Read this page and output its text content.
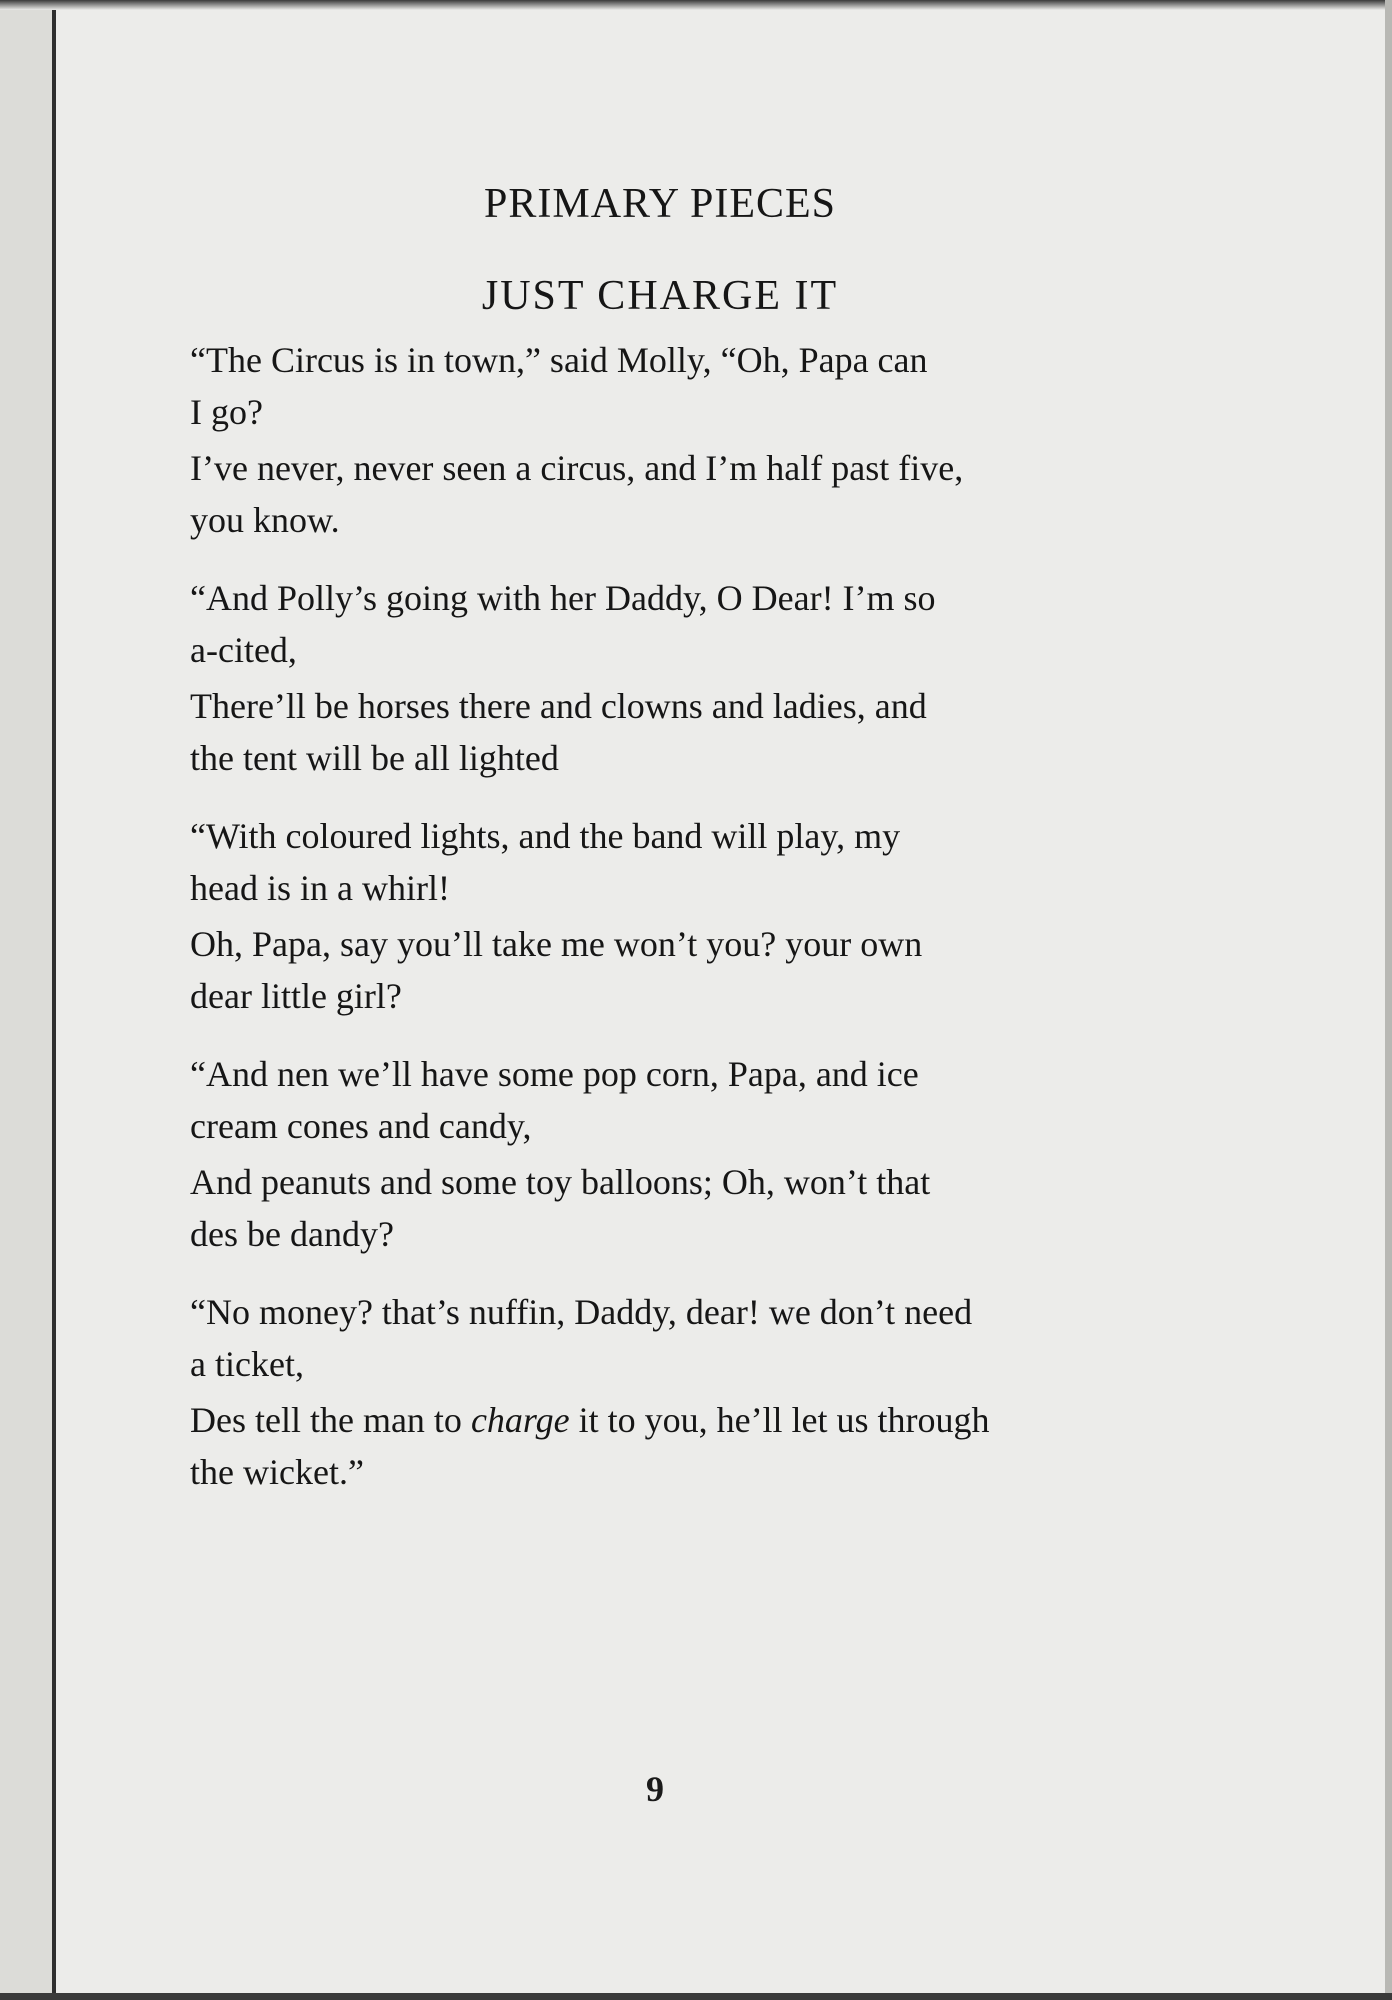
PRIMARY PIECES
JUST CHARGE IT

“The Circus is in town,” said Molly, “Oh, Papa can
I go?

I’ve never, never seen a circus, and I’m half past five,
you know.

“And Polly’s going with her Daddy, O Dear! I’m so
a-cited,

There’ll be horses there and clowns and ladies, and
the tent will be all lighted

“With coloured lights, and the band will play, my
head is in a whirl!

Oh, Papa, say you’ll take me won’t you? your own
dear little girl?

“And nen we’ll have some pop corn, Papa, and ice
cream cones and candy,

And peanuts and some toy balloons; Oh, won’t that
des be dandy?

“No money? that’s nuffin, Daddy, dear! we don’t need
a ticket,

Des tell the man to charge it to you, he’ll let us through
the wicket.”

9
